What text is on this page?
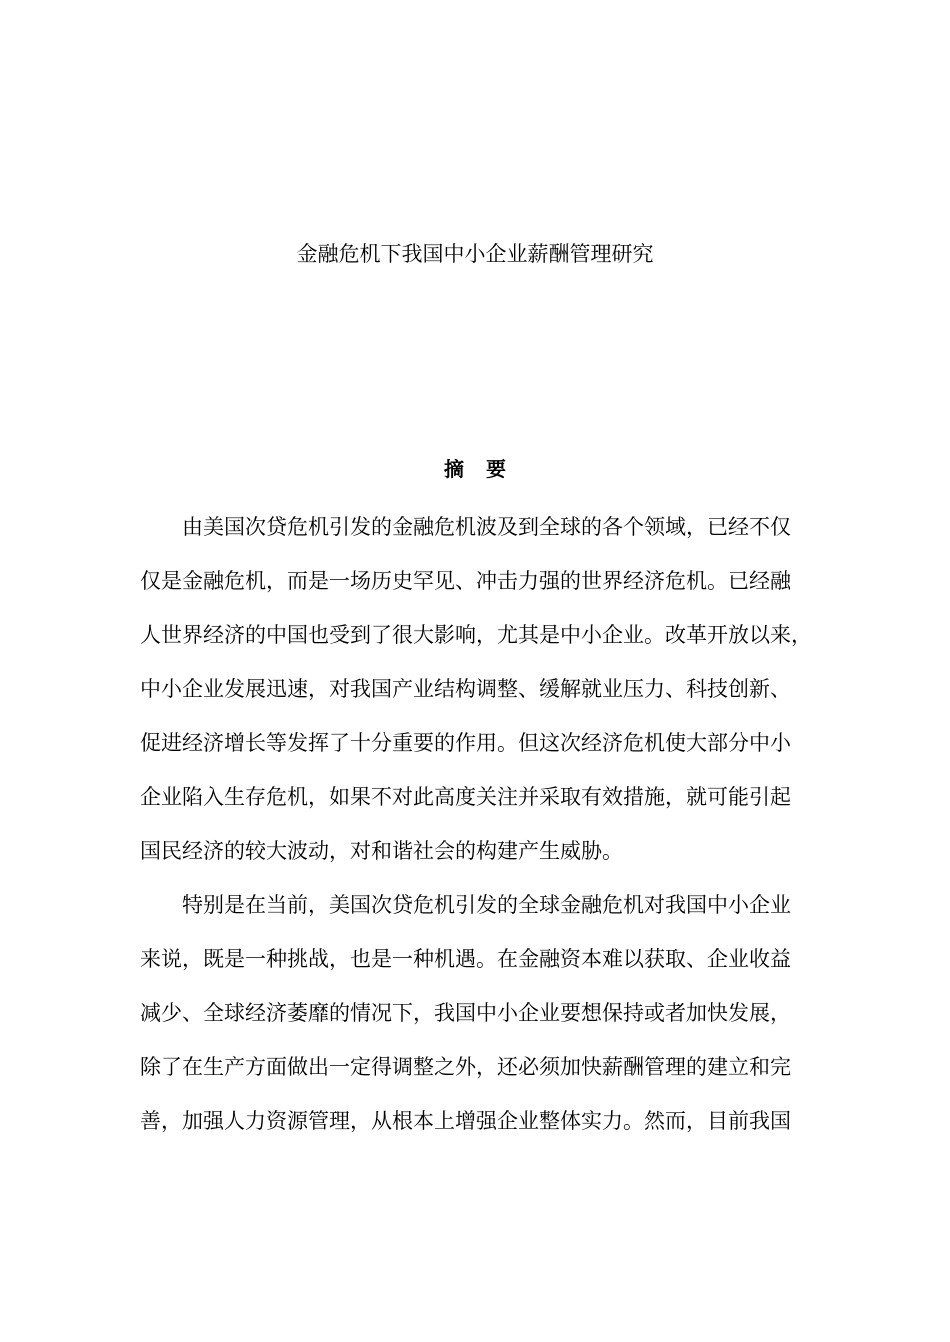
金融危机下我国中小企业薪酬管理研究
摘要

由美国次贷危机引发的金融危机波及到全球的各个领域，已经不仅

仅是金融危机，而是一场历史罕见、冲击力强的世界经济危机。已经融

人世界经济的中国也受到了很大影响，尤其是中小企业。改革开放以来，

中小企业发展迅速，对我国产业结构调整、缓解就业压力、科技创新、

促进经济增长等发挥了十分重要的作用。但这次经济危机使大部分中小

企业陷入生存危机，如果不对此高度关注并采取有效措施，就可能引起

国民经济的较大波动，对和谐社会的构建产生威胁。

特别是在当前，美国次贷危机引发的全球金融危机对我国中小企业

来说，既是一种挑战，也是一种机遇。在金融资本难以获取、企业收益

减少、全球经济萎靡的情况下，我国中小企业要想保持或者加快发展，

除了在生产方面做出一定得调整之外，还必须加快薪酬管理的建立和完

善，加强人力资源管理，从根本上增强企业整体实力。然而，目前我国
